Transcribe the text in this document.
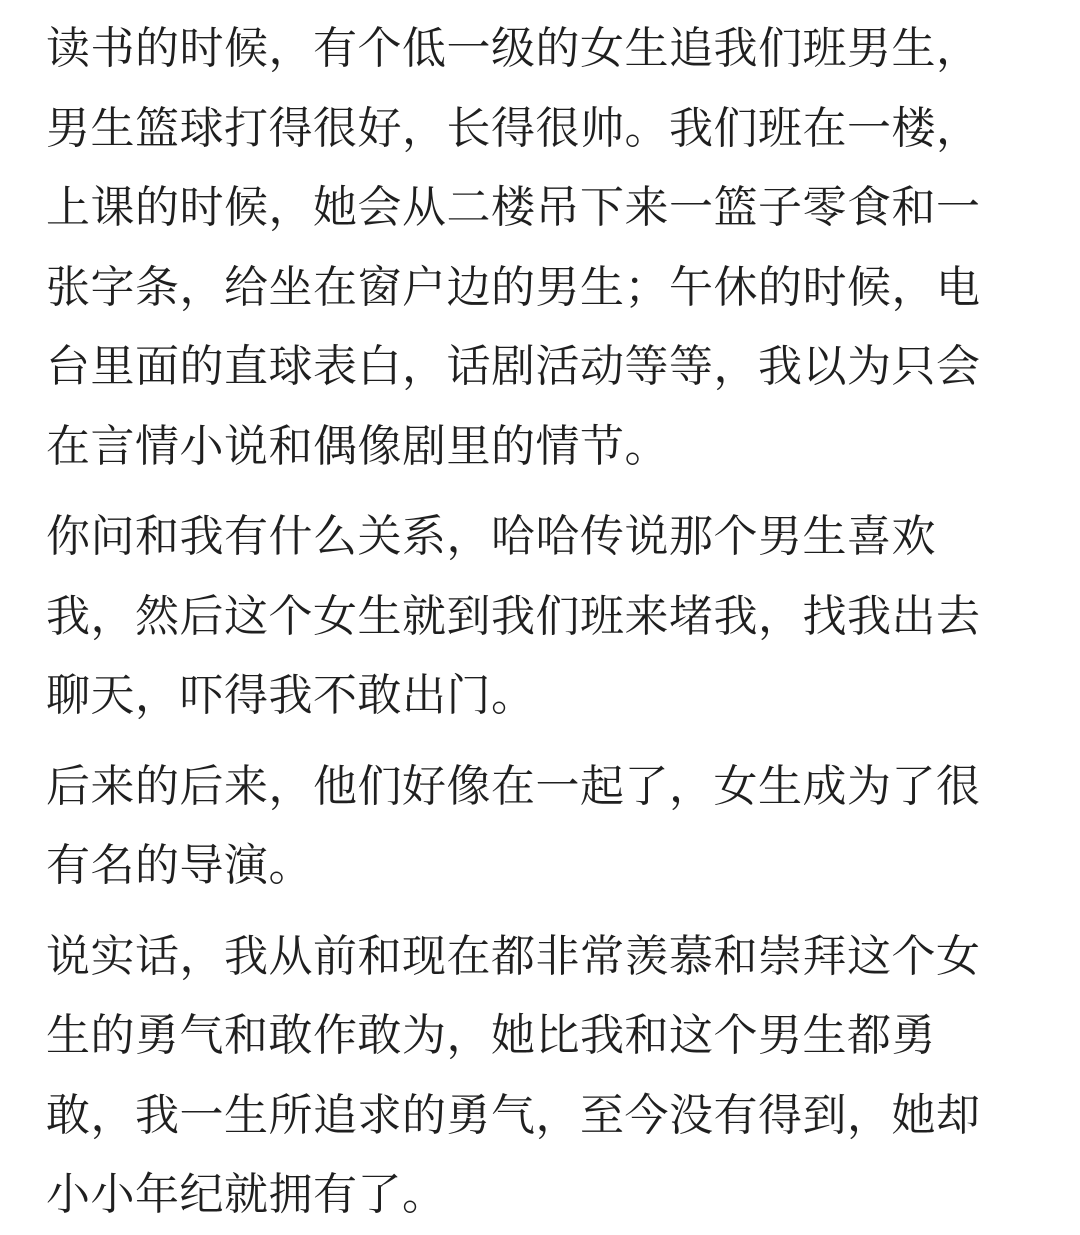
读书的时候，有个低一级的女生追我们班男生，
男生篮球打得很好，长得很帅。我们班在一楼，
上课的时候，她会从二楼吊下来一篮子零食和一
张字条，给坐在窗户边的男生；午休的时候，电
台里面的直球表白，话剧活动等等，我以为只会
在言情小说和偶像剧里的情节。
你问和我有什么关系，哈哈传说那个男生喜欢
我，然后这个女生就到我们班来堵我，找我出去
聊天，吓得我不敢出门。
后来的后来，他们好像在一起了，女生成为了很
有名的导演。
说实话，我从前和现在都非常羡慕和崇拜这个女
生的勇气和敢作敢为，她比我和这个男生都勇
敢，我一生所追求的勇气，至今没有得到，她却
小小年纪就拥有了。
